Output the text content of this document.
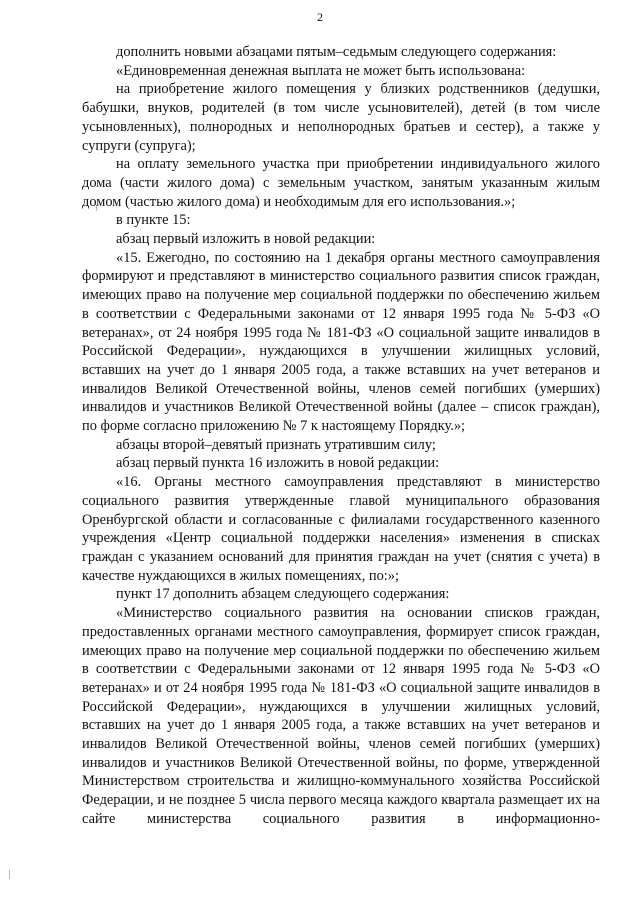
2

дополнить новыми абзацами пятым–седьмым следующего содержания:

«Единовременная денежная выплата не может быть использована:

на приобретение жилого помещения у близких родственников (дедушки, бабушки, внуков, родителей (в том числе усыновителей), детей (в том числе усыновленных), полнородных и неполнородных братьев и сестер), а также у супруги (супруга);

на оплату земельного участка при приобретении индивидуального жилого дома (части жилого дома) с земельным участком, занятым указанным жилым домом (частью жилого дома) и необходимым для его использования.»;

в пункте 15:

абзац первый изложить в новой редакции:

«15. Ежегодно, по состоянию на 1 декабря органы местного самоуправления формируют и представляют в министерство социального развития список граждан, имеющих право на получение мер социальной поддержки по обеспечению жильем в соответствии с Федеральными законами от 12 января 1995 года № 5-ФЗ «О ветеранах», от 24 ноября 1995 года № 181-ФЗ «О социальной защите инвалидов в Российской Федерации», нуждающихся в улучшении жилищных условий, вставших на учет до 1 января 2005 года, а также вставших на учет ветеранов и инвалидов Великой Отечественной войны, членов семей погибших (умерших) инвалидов и участников Великой Отечественной войны (далее – список граждан), по форме согласно приложению № 7 к настоящему Порядку.»;

абзацы второй–девятый признать утратившим силу;

абзац первый пункта 16 изложить в новой редакции:

«16. Органы местного самоуправления представляют в министерство социального развития утвержденные главой муниципального образования Оренбургской области и согласованные с филиалами государственного казенного учреждения «Центр социальной поддержки населения» изменения в списках граждан с указанием оснований для принятия граждан на учет (снятия с учета) в качестве нуждающихся в жилых помещениях, по:»;

пункт 17 дополнить абзацем следующего содержания:

«Министерство социального развития на основании списков граждан, предоставленных органами местного самоуправления, формирует список граждан, имеющих право на получение мер социальной поддержки по обеспечению жильем в соответствии с Федеральными законами от 12 января 1995 года № 5-ФЗ «О ветеранах» и от 24 ноября 1995 года № 181-ФЗ «О социальной защите инвалидов в Российской Федерации», нуждающихся в улучшении жилищных условий, вставших на учет до 1 января 2005 года, а также вставших на учет ветеранов и инвалидов Великой Отечественной войны, членов семей погибших (умерших) инвалидов и участников Великой Отечественной войны, по форме, утвержденной Министерством строительства и жилищно-коммунального хозяйства Российской Федерации, и не позднее 5 числа первого месяца каждого квартала размещает их на сайте министерства социального развития в информационно-
